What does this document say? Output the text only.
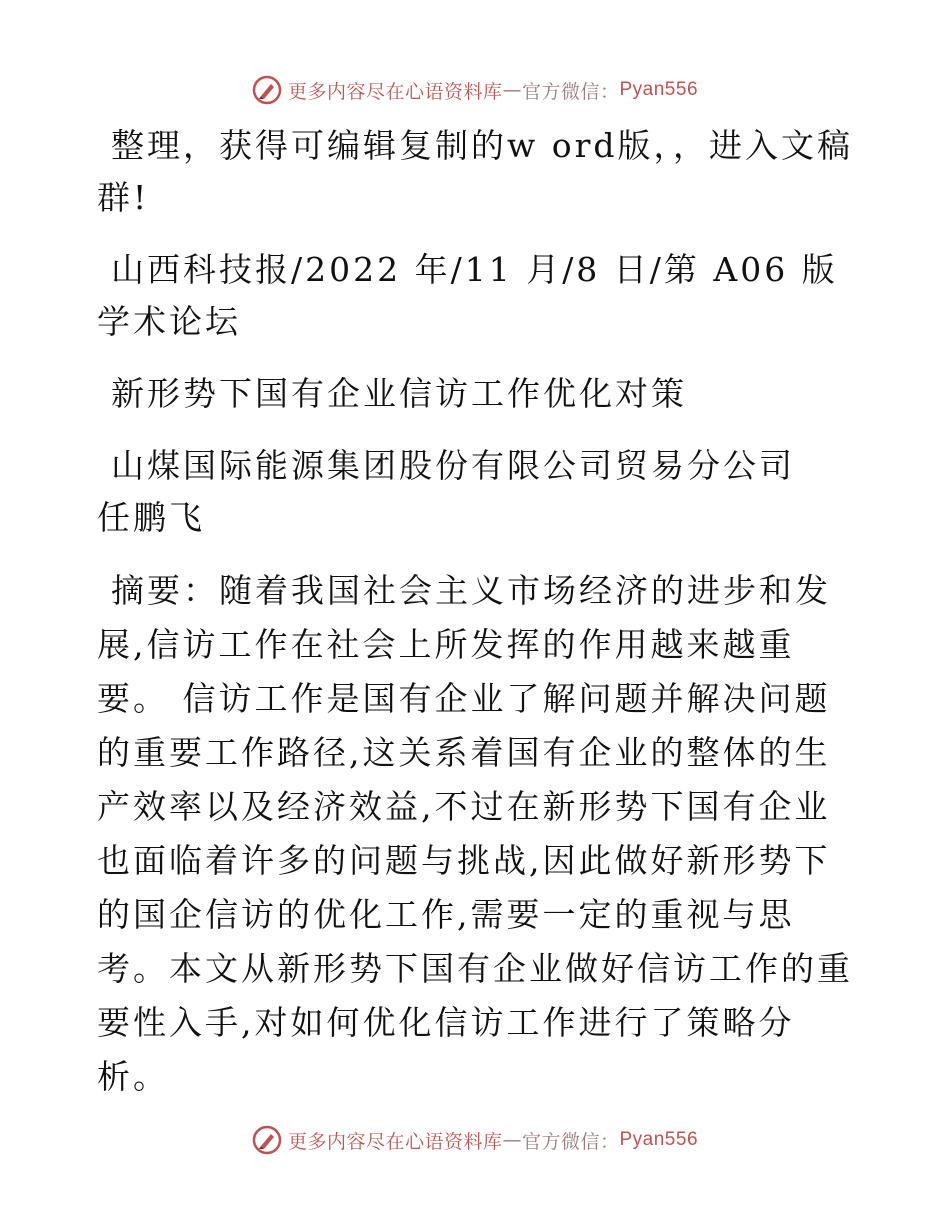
更多内容尽在心语资料库 — 官方微信： Pyan556

整理，获得可编辑复制的w ord版，，进入文稿群!

山西科技报/2022 年/11 月/8 日/第 A06 版学术论坛

新形势下国有企业信访工作优化对策

山煤国际能源集团股份有限公司贸易分公司　任鹏飞

摘要：随着我国社会主义市场经济的进步和发展,信访工作在社会上所发挥的作用越来越重要。 信访工作是国有企业了解问题并解决问题的重要工作路径,这关系着国有企业的整体的生产效率以及经济效益,不过在新形势下国有企业也面临着许多的问题与挑战,因此做好新形势下的国企信访的优化工作,需要一定的重视与思考。本文从新形势下国有企业做好信访工作的重要性入手,对如何优化信访工作进行了策略分析。

更多内容尽在心语资料库 — 官方微信： Pyan556
